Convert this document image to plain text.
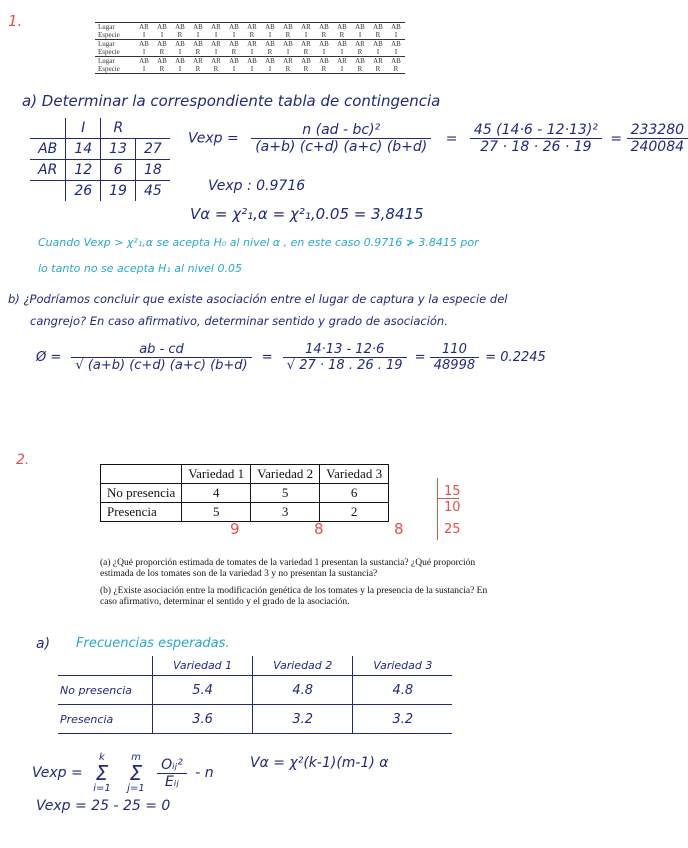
1.	Lugar	AR	AB	AB	AB	AR	AB	AR	AB	AB	AR	AB	AB	AB	AB	AB
Especie	I	I	R	I	I	I	R	I	R	I	R	R	I	R	I
Lugar	AB	AB	AB	AB	AR	AB	AR	AB	AB	AR	AB	AB	AR	AB	AB
Especie	I	R	I	R	I	R	I	R	I	R	I	I	R	I	I
Lugar	AB	AB	AB	AR	AR	AB	AB	AB	AR	AB	AB	AR	AB	AR	AB
Especie	I	R	I	R	R	I	I	I	R	R	R	I	R	R	R
a) Determinar la correspondiente tabla de contingencia
	I	R	
AB	14	13	27
AR	12	6	18
	26	19	45
$Vexp = \frac{\text{n (ad - bc)²}}{(a+b) (c+d) (a+c) (b+d)} = \frac{\text{45 (14·6 - 12·13)²}}{27 \cdot 18 \cdot 26 \cdot 19} = \frac{233280}{240084}$
Vexp : 0.9716
Vα = χ²₁,α = χ²₁,0.05 = 3,8415
Cuando Vexp > χ²₁,α se acepta H₀ al nivel α , en este caso 0.9716 ≯ 3.8415 por
lo tanto no se acepta H₁ al nivel 0.05
b) ¿Podríamos concluir que existe asociación entre el lugar de captura y la especie del
cangrejo? En caso afirmativo, determinar sentido y grado de asociación.
Ø = $\frac{ab - cd}{√ (a+b) (c+d) (a+c) (b+d)} = \frac{14\cdot 13 - 12\cdot 6}{√ 27 \cdot 18 . 26 . 19} = \frac{110}{48998} = 0.2245$
2.
	Variedad 1	Variedad 2	Variedad 3
No presencia	4	5	6
Presencia	5	3	2
15
10
9	8	8	25
(a) ¿Qué proporción estimada de tomates de la variedad 1 presentan la sustancia? ¿Qué proporción estimada de los tomates son de la variedad 3 y no presentan la sustancia?
(b) ¿Existe asociación entre la modificación genética de los tomates y la presencia de la sustancia? En caso afirmativo, determinar el sentido y el grado de la asociación.
a) Frecuencias esperadas.
	Variedad 1	Variedad 2	Variedad 3
No presencia	5.4	4.8	4.8
Presencia	3.6	3.2	3.2
Vexp =
k
Σ
i=1

m
Σ
j=1
$\frac{\text{Oᵢⱼ²}}{\text{Eᵢⱼ}}$ - n
Vα = χ²(k-1)(m-1) α
Vexp = 25 - 25 = 0
